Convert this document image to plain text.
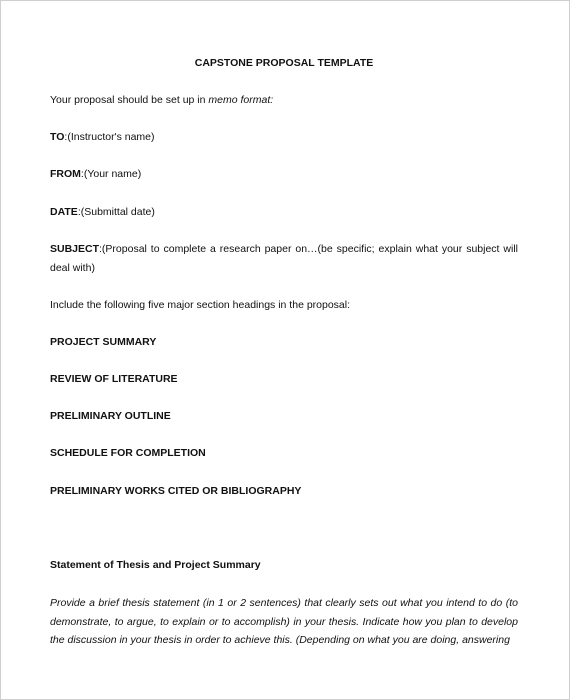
CAPSTONE PROPOSAL TEMPLATE
Your proposal should be set up in memo format:
TO:(Instructor's name)
FROM:(Your name)
DATE:(Submittal date)
SUBJECT:(Proposal to complete a research paper on…(be specific; explain what your subject will deal with)
Include the following five major section headings in the proposal:
PROJECT SUMMARY
REVIEW OF LITERATURE
PRELIMINARY OUTLINE
SCHEDULE FOR COMPLETION
PRELIMINARY WORKS CITED OR BIBLIOGRAPHY
Statement of Thesis and Project Summary
Provide a brief thesis statement (in 1 or 2 sentences) that clearly sets out what you intend to do (to demonstrate, to argue, to explain or to accomplish) in your thesis. Indicate how you plan to develop the discussion in your thesis in order to achieve this. (Depending on what you are doing, answering
